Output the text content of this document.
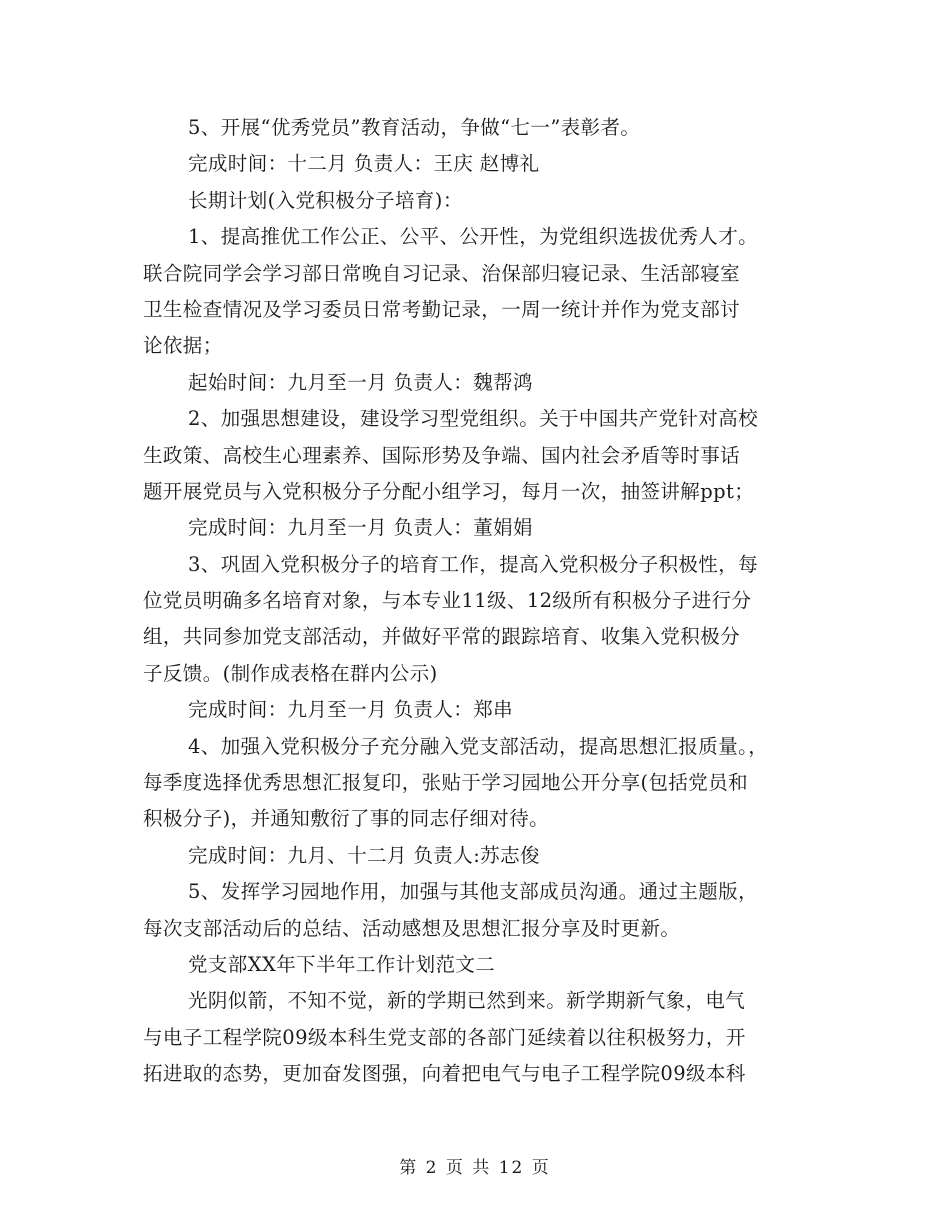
5、开展“优秀党员”教育活动，争做“七一”表彰者。
完成时间：十二月 负责人：王庆 赵博礼
长期计划(入党积极分子培育)：
1、提高推优工作公正、公平、公开性，为党组织选拔优秀人才。
联合院同学会学习部日常晚自习记录、治保部归寝记录、生活部寝室
卫生检查情况及学习委员日常考勤记录，一周一统计并作为党支部讨
论依据；
起始时间：九月至一月 负责人：魏帮鸿
2、加强思想建设，建设学习型党组织。关于中国共产党针对高校
生政策、高校生心理素养、国际形势及争端、国内社会矛盾等时事话
题开展党员与入党积极分子分配小组学习，每月一次，抽签讲解ppt；
完成时间：九月至一月 负责人：董娟娟
3、巩固入党积极分子的培育工作，提高入党积极分子积极性，每
位党员明确多名培育对象，与本专业11级、12级所有积极分子进行分
组，共同参加党支部活动，并做好平常的跟踪培育、收集入党积极分
子反馈。(制作成表格在群内公示)
完成时间：九月至一月 负责人：郑串
4、加强入党积极分子充分融入党支部活动，提高思想汇报质量。，
每季度选择优秀思想汇报复印，张贴于学习园地公开分享(包括党员和
积极分子)，并通知敷衍了事的同志仔细对待。
完成时间：九月、十二月 负责人:苏志俊
5、发挥学习园地作用，加强与其他支部成员沟通。通过主题版，
每次支部活动后的总结、活动感想及思想汇报分享及时更新。
党支部XX年下半年工作计划范文二
光阴似箭，不知不觉，新的学期已然到来。新学期新气象，电气
与电子工程学院09级本科生党支部的各部门延续着以往积极努力，开
拓进取的态势，更加奋发图强，向着把电气与电子工程学院09级本科
第 2 页 共 12 页
